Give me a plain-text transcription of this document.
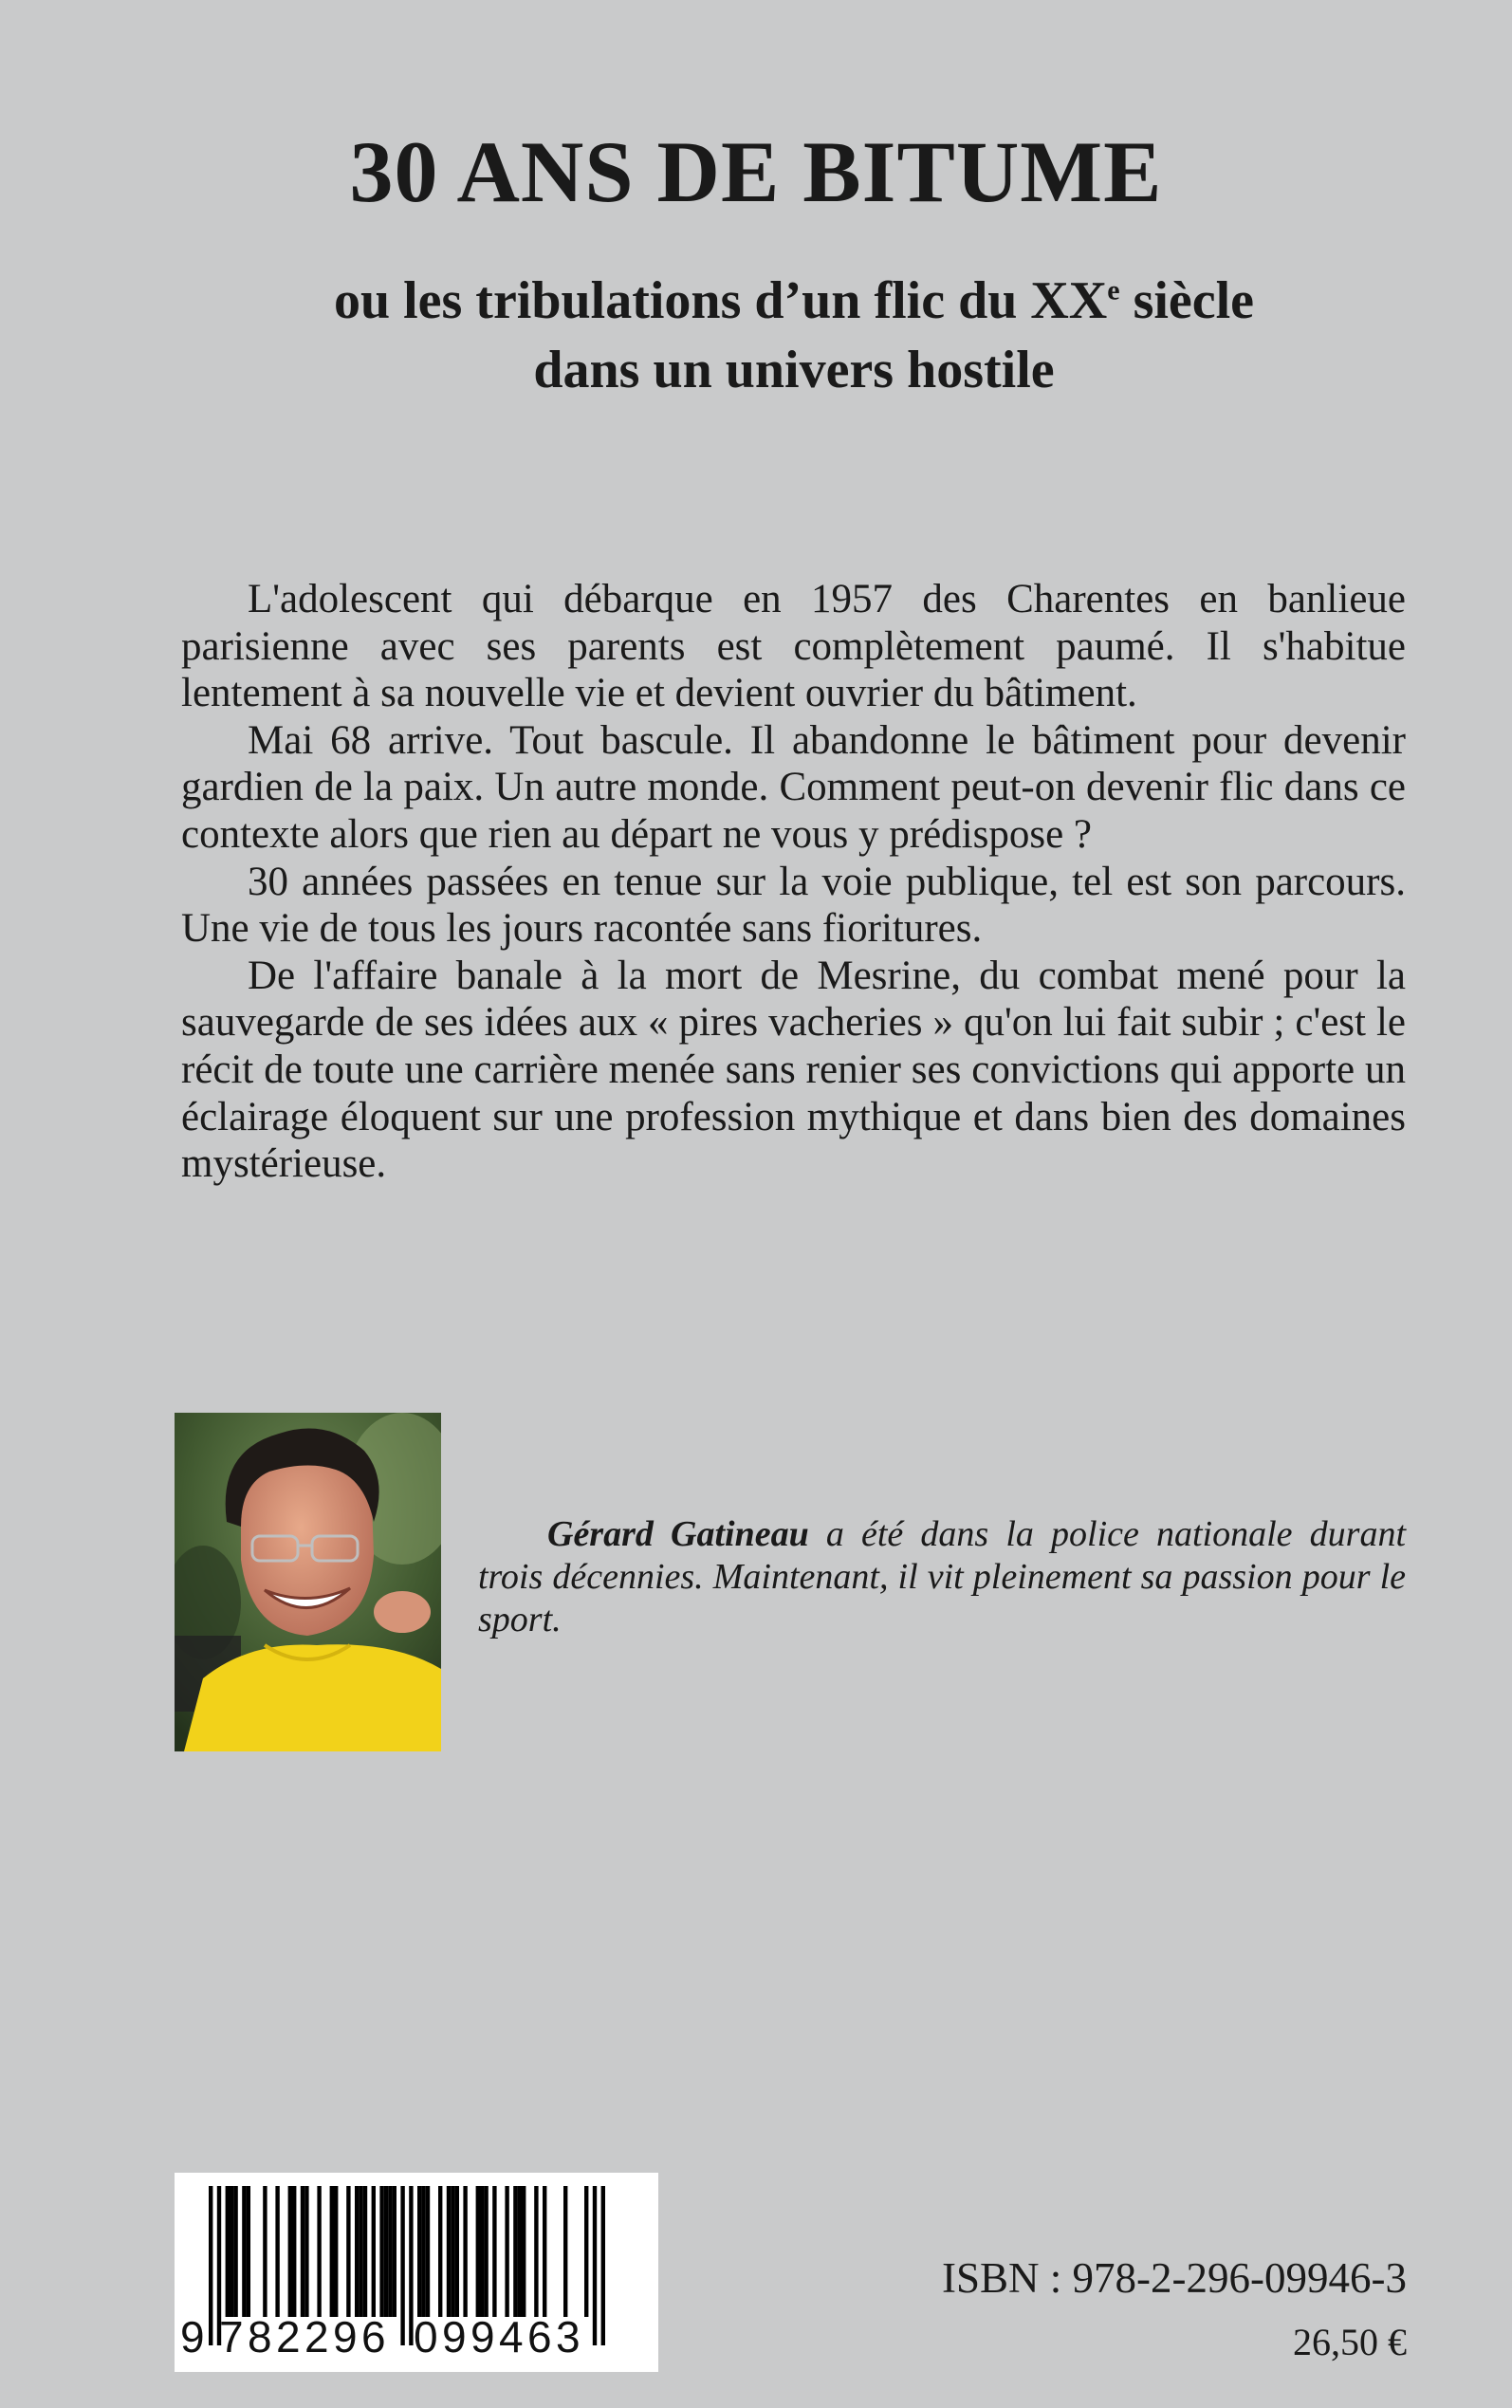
30 ANS DE BITUME
ou les tribulations d’un flic du XXe siècle
dans un univers hostile

L'adolescent qui débarque en 1957 des Charentes en banlieue parisienne avec ses parents est complètement paumé. Il s'habitue lentement à sa nouvelle vie et devient ouvrier du bâtiment.

Mai 68 arrive. Tout bascule. Il abandonne le bâtiment pour devenir gardien de la paix. Un autre monde. Comment peut-on devenir flic dans ce contexte alors que rien au départ ne vous y prédispose ?

30 années passées en tenue sur la voie publique, tel est son parcours. Une vie de tous les jours racontée sans fioritures.

De l'affaire banale à la mort de Mesrine, du combat mené pour la sauvegarde de ses idées aux « pires vacheries » qu'on lui fait subir ; c'est le récit de toute une carrière menée sans renier ses convictions qui apporte un éclairage éloquent sur une profession mythique et dans bien des domaines mystérieuse.

Gérard Gatineau a été dans la police nationale durant trois décennies. Maintenant, il vit pleinement sa passion pour le sport.

9 7 8 2 2 9 6 0 9 9 4 6 3

ISBN : 978-2-296-09946-3

26,50 €
